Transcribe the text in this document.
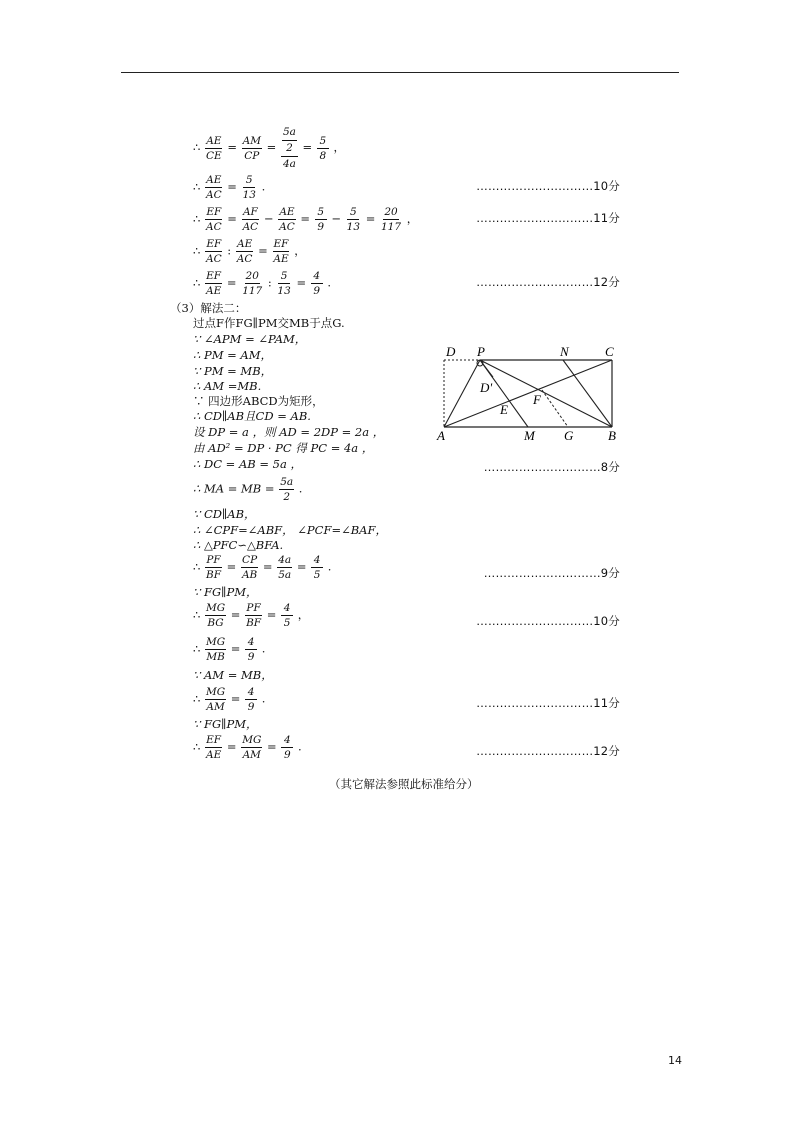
∴ $\frac{AE}{CE} = \frac{AM}{CP} = \frac{\frac{5a}{2}}{4a} = \frac{5}{8}$ ，
∴ $\frac{AE}{AC} = \frac{5}{13}$ .	…………………………10分
∴ $\frac{EF}{AC} = \frac{AF}{AC} - \frac{AE}{AC} = \frac{5}{9} - \frac{5}{13} = \frac{20}{117}$ ，	…………………………11分
∴ $\frac{EF}{AC}$ : $\frac{AE}{AC} = \frac{EF}{AE}$ ，
∴ $\frac{EF}{AE} = \frac{20}{117}$ : $\frac{5}{13} = \frac{4}{9}$ .	…………………………12分
（3）解法二：
过点F作FG∥PM交MB于点G.
∵ ∠APM = ∠PAM，
∴ PM = AM，
∵ PM = MB，
∴ AM =MB.
∵ 四边形ABCD为矩形，
∴ CD∥AB且CD = AB.
设 DP = a ，则 AD = 2DP = 2a ，
由 AD² = DP · PC 得 PC = 4a ，
∴ DC = AB = 5a ，	…………………………8分
∴ MA = MB = $\frac{5a}{2}$ .
∵ CD∥AB，
∴ ∠CPF=∠ABF， ∠PCF=∠BAF，
∴ △PFC∽△BFA.
∴ $\frac{PF}{BF} = \frac{CP}{AB} = \frac{4a}{5a} = \frac{4}{5}$ .	…………………………9分
∵ FG∥PM，
∴ $\frac{MG}{BG} = \frac{PF}{BF} = \frac{4}{5}$ ，	…………………………10分
∴ $\frac{MG}{MB} = \frac{4}{9}$ .
∵ AM = MB，
∴ $\frac{MG}{AM} = \frac{4}{9}$ .	…………………………11分
∵ FG∥PM，
∴ $\frac{EF}{AE} = \frac{MG}{AM} = \frac{4}{9}$ .	…………………………12分
（其它解法参照此标准给分）
14
D P	N	C
D'
F
E
A	M G	B
